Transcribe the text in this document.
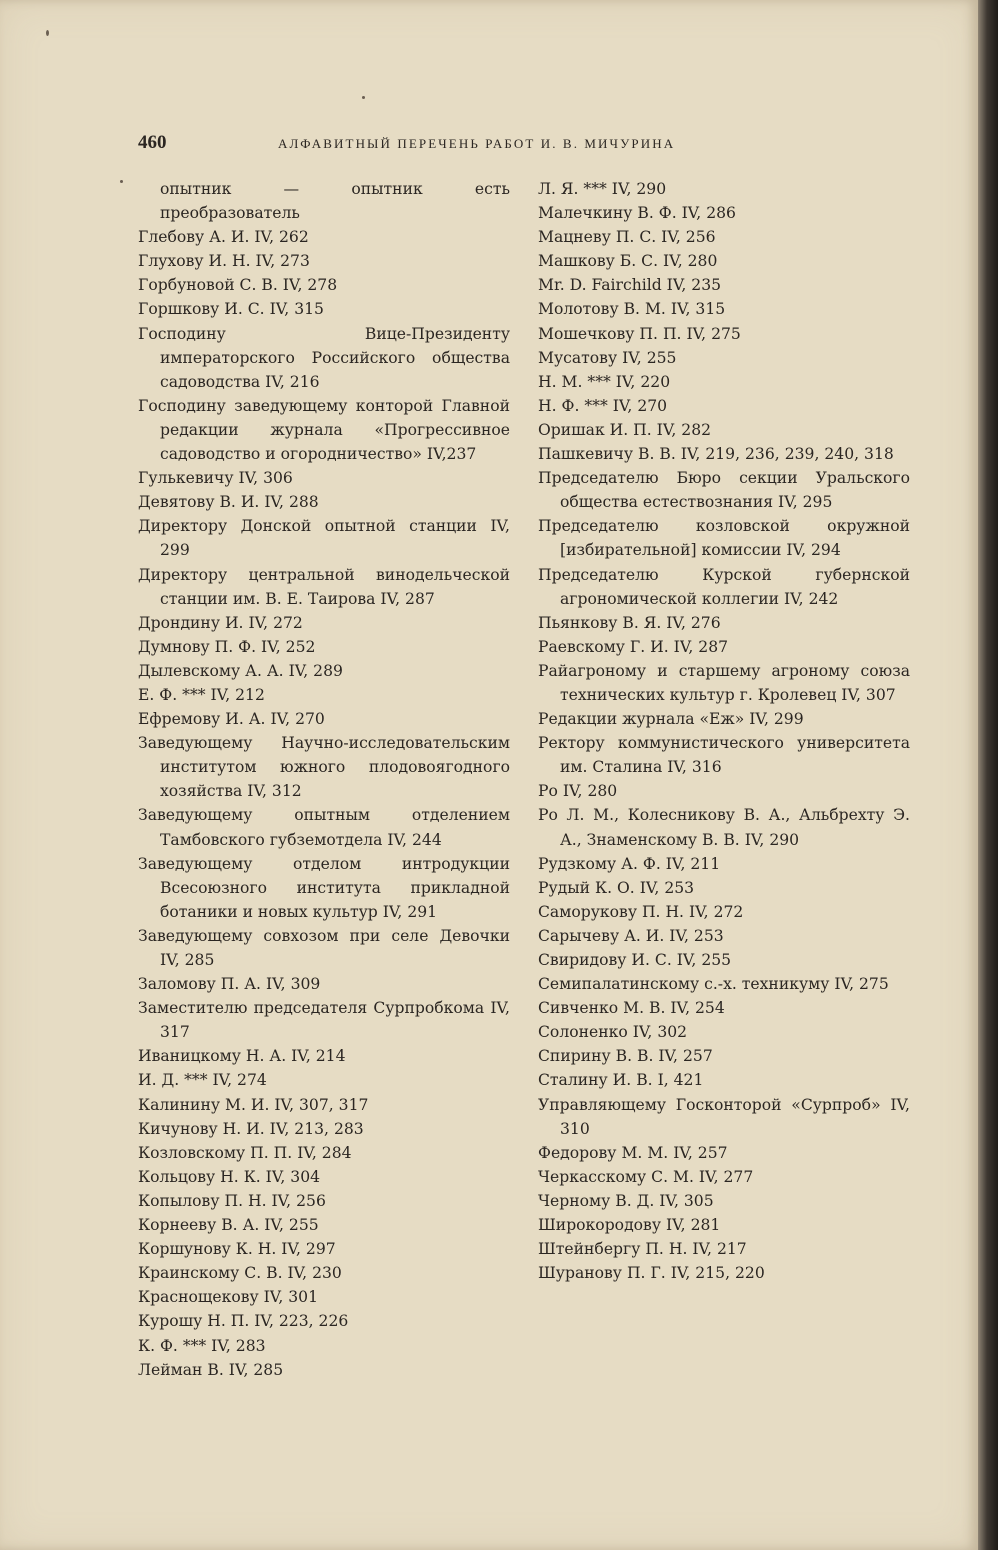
460	АЛФАВИТНЫЙ ПЕРЕЧЕНЬ РАБОТ И. В. МИЧУРИНА
опытник — опытник есть преобразователь
Глебову А. И. IV, 262
Глухову И. Н. IV, 273
Горбуновой С. В. IV, 278
Горшкову И. С. IV, 315
Господину Вице-Президенту императорского Российского общества садоводства IV, 216
Господину заведующему конторой Главной редакции журнала «Прогрессивное садоводство и огородничество» IV,237
Гулькевичу IV, 306
Девятову В. И. IV, 288
Директору Донской опытной станции IV, 299
Директору центральной винодельческой станции им. В. Е. Таирова IV, 287
Дрондину И. IV, 272
Думнову П. Ф. IV, 252
Дылевскому А. А. IV, 289
Е. Ф. *** IV, 212
Ефремову И. А. IV, 270
Заведующему Научно-исследовательским институтом южного плодовоягодного хозяйства IV, 312
Заведующему опытным отделением Тамбовского губземотдела IV, 244
Заведующему отделом интродукции Всесоюзного института прикладной ботаники и новых культур IV, 291
Заведующему совхозом при селе Девочки IV, 285
Заломову П. А. IV, 309
Заместителю председателя Сурпробкома IV, 317
Иваницкому Н. А. IV, 214
И. Д. *** IV, 274
Калинину М. И. IV, 307, 317
Кичунову Н. И. IV, 213, 283
Козловскому П. П. IV, 284
Кольцову Н. К. IV, 304
Копылову П. Н. IV, 256
Корнееву В. А. IV, 255
Коршунову К. Н. IV, 297
Краинскому С. В. IV, 230
Краснощекову IV, 301
Курошу Н. П. IV, 223, 226
К. Ф. *** IV, 283
Лейман В. IV, 285
Л. Я. *** IV, 290
Малечкину В. Ф. IV, 286
Мацневу П. С. IV, 256
Машкову Б. С. IV, 280
Mr. D. Fairchild IV, 235
Молотову В. М. IV, 315
Мошечкову П. П. IV, 275
Мусатову IV, 255
Н. М. *** IV, 220
Н. Ф. *** IV, 270
Оришак И. П. IV, 282
Пашкевичу В. В. IV, 219, 236, 239, 240, 318
Председателю Бюро секции Уральского общества естествознания IV, 295
Председателю козловской окружной [избирательной] комиссии IV, 294
Председателю Курской губернской агрономической коллегии IV, 242
Пьянкову В. Я. IV, 276
Раевскому Г. И. IV, 287
Райагроному и старшему агроному союза технических культур г. Кролевец IV, 307
Редакции журнала «Еж» IV, 299
Ректору коммунистического университета им. Сталина IV, 316
Ро IV, 280
Ро Л. М., Колесникову В. А., Альбрехту Э. А., Знаменскому В. В. IV, 290
Рудзкому А. Ф. IV, 211
Рудый К. О. IV, 253
Саморукову П. Н. IV, 272
Сарычеву А. И. IV, 253
Свиридову И. С. IV, 255
Семипалатинскому с.-х. техникуму IV, 275
Сивченко М. В. IV, 254
Солоненко IV, 302
Спирину В. В. IV, 257
Сталину И. В. I, 421
Управляющему Госконторой «Сурпроб» IV, 310
Федорову М. М. IV, 257
Черкасскому С. М. IV, 277
Черному В. Д. IV, 305
Широкородову IV, 281
Штейнбергу П. Н. IV, 217
Шуранову П. Г. IV, 215, 220
